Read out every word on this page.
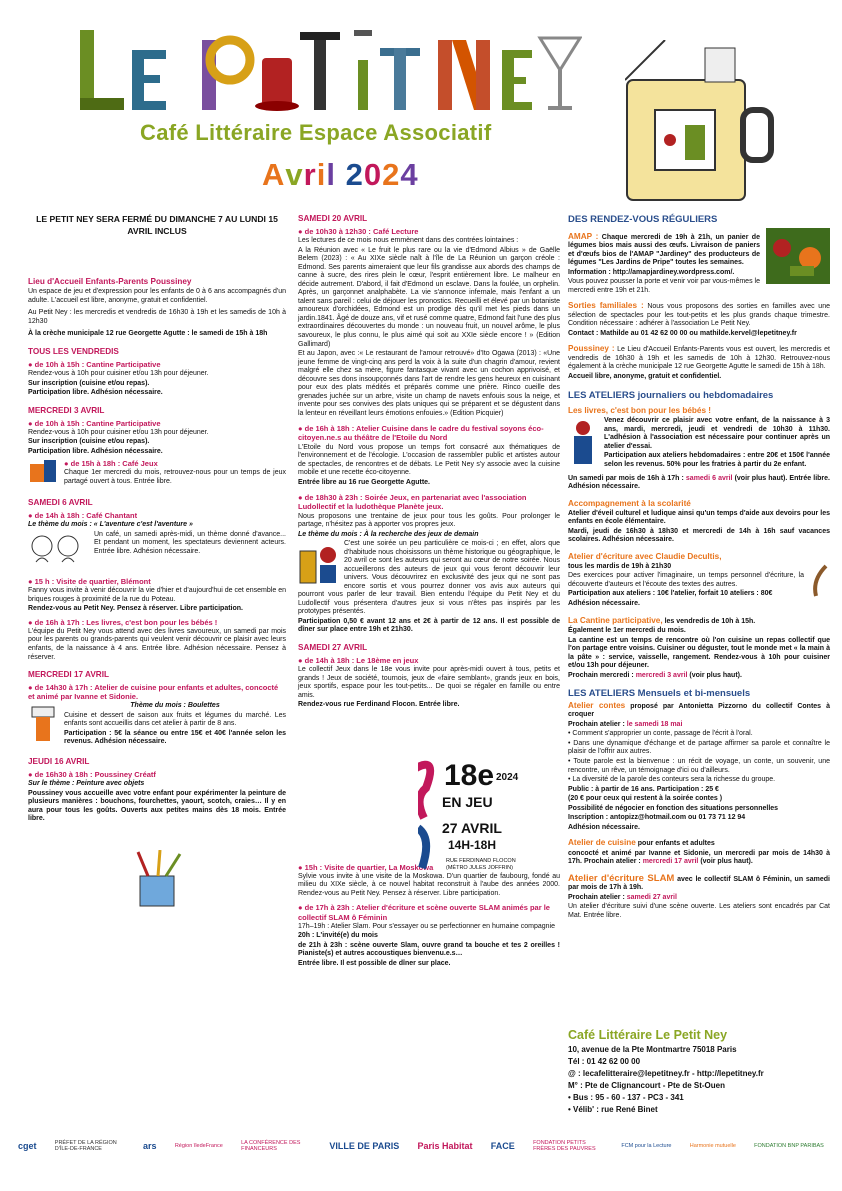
Café Littéraire Espace Associatif
Avril 2024
LE PETIT NEY SERA FERMÉ DU DIMANCHE 7 AU LUNDI 15 AVRIL INCLUS
Lieu d'Accueil Enfants-Parents Poussiney

Un espace de jeu et d'expression pour les enfants de 0 à 6 ans accompagnés d'un adulte. L'accueil est libre, anonyme, gratuit et confidentiel.

Au Petit Ney : les mercredis et vendredis de 16h30 à 19h et les samedis de 10h à 12h30

À la crèche municipale 12 rue Georgette Agutte : le samedi de 15h à 18h

TOUS LES VENDREDIS
● de 10h à 15h : Cantine Participative

Rendez-vous à 10h pour cuisiner et/ou 13h pour déjeuner.

Sur inscription (cuisine et/ou repas).

Participation libre. Adhésion nécessaire.

MERCREDI 3 AVRIL
● de 10h à 15h : Cantine Participative

Rendez-vous à 10h pour cuisiner et/ou 13h pour déjeuner.

Sur inscription (cuisine et/ou repas).

Participation libre. Adhésion nécessaire.

● de 15h à 18h : Café Jeux

Chaque 1er mercredi du mois, retrouvez-nous pour un temps de jeux partagé ouvert à tous. Entrée libre.

SAMEDI 6 AVRIL
● de 14h à 18h : Café Chantant

Le thème du mois : « L'aventure c'est l'aventure »

Un café, un samedi après-midi, un thème donné d'avance... Et pendant un moment, les spectateurs deviennent acteurs. Entrée libre. Adhésion nécessaire.

● 15 h : Visite de quartier, Blémont

Fanny vous invite à venir découvrir la vie d'hier et d'aujourd'hui de cet ensemble en briques rouges à proximité de la rue du Poteau.

Rendez-vous au Petit Ney. Pensez à réserver. Libre participation.

● de 16h à 17h : Les livres, c'est bon pour les bébés !

L'équipe du Petit Ney vous attend avec des livres savoureux, un samedi par mois pour les parents ou grands-parents qui veulent venir découvrir ce plaisir avec leurs enfants, de la naissance à 4 ans. Entrée libre. Adhésion nécessaire. Pensez à réserver.

MERCREDI 17 AVRIL
● de 14h30 à 17h : Atelier de cuisine pour enfants et adultes, concocté et animé par Ivanne et Sidonie.

Thème du mois : Boulettes

Cuisine et dessert de saison aux fruits et légumes du marché. Les enfants sont accueillis dans cet atelier à partir de 8 ans.

Participation : 5€ la séance ou entre 15€ et 40€ l'année selon les revenus. Adhésion nécessaire.

JEUDI 16 AVRIL
● de 16h30 à 18h : Poussiney Créatf

Sur le thème : Peinture avec objets

Poussiney vous accueille avec votre enfant pour expérimenter la peinture de plusieurs manières : bouchons, fourchettes, yaourt, scotch, craies… Il y en aura pour tous les goûts. Ouverts aux petites mains dès 18 mois. Entrée libre.

SAMEDI 20 AVRIL
● de 10h30 à 12h30 : Café Lecture

Les lectures de ce mois nous emmènent dans des contrées lointaines :

A la Réunion avec « Le fruit le plus rare ou la vie d'Edmond Albius » de Gaëlle Belem (2023) : « Au XIXe siècle naît à l'île de La Réunion un garçon créole : Edmond. Ses parents aimeraient que leur fils grandisse aux abords des champs de canne à sucre, des rires plein le cœur, l'esprit entièrement libre. Le malheur en décide autrement. D'abord, il fait d'Edmond un esclave. Dans la foulée, un orphelin. Après, un garçonnet analphabète. La vie s'annonce infernale, mais l'enfant a un talent sans pareil : celui de déjouer les pronostics. Recueilli et élevé par un botaniste amoureux d'orchidées, Edmond est un prodige dès qu'il met les pieds dans un jardin.1841. Âgé de douze ans, vif et rusé comme quatre, Edmond fait l'une des plus extraordinaires découvertes du monde : un nouveau fruit, un nouvel arôme, le plus savoureux, le plus connu, le plus aimé qui soit au XXIe siècle encore ! » (Edition Gallimard)

Et au Japon, avec :« Le restaurant de l'amour retrouvé» d'Ito Ogawa (2013) : «Une jeune femme de vingt-cinq ans perd la voix à la suite d'un chagrin d'amour, revient malgré elle chez sa mère, figure fantasque vivant avec un cochon apprivoisé, et découvre ses dons insoupçonnés dans l'art de rendre les gens heureux en cuisinant pour eux des plats médités et préparés comme une prière. Rinco cueille des grenades juchée sur un arbre, visite un champ de navets enfouis sous la neige, et invente pour ses convives des plats uniques qui se préparent et se dégustent dans la lenteur en réveillant leurs émotions enfouies.» (Edition Picquier)

● de 16h à 18h : Atelier Cuisine dans le cadre du festival soyons éco-citoyen.ne.s au théâtre de l'Etoile du Nord

L'Etoile du Nord vous propose un temps fort consacré aux thématiques de l'environnement et de l'écologie. L'occasion de rassembler public et artistes autour de spectacles, de rencontres et de débats. Le Petit Ney s'y associe avec la cuisine mobile et une recette éco-citoyenne.

Entrée libre au 16 rue Georgette Agutte.

● de 18h30 à 23h : Soirée Jeux, en partenariat avec l'association Ludollectif et la ludothèque Planète jeux.

Nous proposons une trentaine de jeux pour tous les goûts. Pour prolonger le partage, n'hésitez pas à apporter vos propres jeux.

Le thème du mois : À la recherche des jeux de demain

C'est une soirée un peu particulière ce mois-ci ; en effet, alors que d'habitude nous choisissons un thème historique ou géographique, le 20 avril ce sont les auteurs qui seront au cœur de notre soirée. Nous accueillerons des auteurs de jeux qui vous feront découvrir leur univers. Vous découvrirez en exclusivité des jeux qui ne sont pas encore sortis et vous pourrez donner vos avis aux auteurs qui pourront vous parler de leur travail. Bien entendu l'équipe du Petit Ney et du Ludollectif vous présentera d'autres jeux si vous n'êtes pas inspirés par les prototypes présentés.

Participation 0,50 € avant 12 ans et 2€ à partir de 12 ans. Il est possible de dîner sur place entre 19h et 21h30.

SAMEDI 27 AVRIL
● de 14h à 18h : Le 18ème en jeux

Le collectif Jeux dans le 18e vous invite pour après-midi ouvert à tous, petits et grands ! Jeux de société, tournois, jeux de «faire semblant», grands jeux en bois, jeux sportifs, espace pour les tout-petits... De quoi se régaler en famille ou entre amis.

Rendez-vous rue Ferdinand Flocon. Entrée libre.

● 15h : Visite de quartier, La Moskowa

Sylvie vous invite à une visite de la Moskowa. D'un quartier de faubourg, fondé au milieu du XIXe siècle, à ce nouvel habitat reconstruit à l'aube des années 2000. Rendez-vous au Petit Ney. Pensez à réserver. Libre participation.

● de 17h à 23h : Atelier d'écriture et scène ouverte SLAM animés par le collectif SLAM ô Féminin

17h–19h : Atelier Slam. Pour s'essayer ou se perfectionner en humaine compagnie

20h : L'invité(e) du mois

de 21h à 23h : scène ouverte Slam, ouvre grand ta bouche et tes 2 oreilles ! Pianiste(s) et autres accoustiques bienvenu.e.s…

Entrée libre. Il est possible de dîner sur place.

18e 2024
EN JEU
27 AVRIL
14H-18H
RUE FERDINAND FLOCON
(MÉTRO JULES JOFFRIN)
DES RENDEZ-VOUS RÉGULIERS

AMAP : Chaque mercredi de 19h à 21h, un panier de légumes bios mais aussi des œufs. Livraison de paniers et d'œufs bios de l'AMAP "Jardiney" des producteurs de légumes "Les Jardins de Pripe" toutes les semaines.

Information : http://amapjardiney.wordpress.com/.

Vous pouvez pousser la porte et venir voir par vous-mêmes le mercredi entre 19h et 21h.

Sorties familiales : Nous vous proposons des sorties en familles avec une sélection de spectacles pour les tout-petits et les plus grands chaque trimestre. Condition nécessaire : adhérer à l'association Le Petit Ney.

Contact : Mathilde au 01 42 62 00 00 ou mathilde.kervel@lepetitney.fr

Poussiney : Le Lieu d'Accueil Enfants-Parents vous est ouvert, les mercredis et vendredis de 16h30 à 19h et les samedis de 10h à 12h30. Retrouvez-nous également à la crèche municipale 12 rue Georgette Agutte le samedi de 15h à 18h.

Accueil libre, anonyme, gratuit et confidentiel.

LES ATELIERS journaliers ou hebdomadaires
Les livres, c'est bon pour les bébés !

Venez découvrir ce plaisir avec votre enfant, de la naissance à 3 ans, mardi, mercredi, jeudi et vendredi de 10h30 à 11h30. L'adhésion à l'association est nécessaire pour continuer après un atelier d'essai.

Participation aux ateliers hebdomadaires : entre 20€ et 150€ l'année selon les revenus. 50% pour les fratries à partir du 2e enfant.

Un samedi par mois de 16h à 17h : samedi 6 avril (voir plus haut). Entrée libre. Adhésion nécessaire.

Accompagnement à la scolarité

Atelier d'éveil culturel et ludique ainsi qu'un temps d'aide aux devoirs pour les enfants en école élémentaire.

Mardi, jeudi de 16h30 à 18h30 et mercredi de 14h à 16h sauf vacances scolaires. Adhésion nécessaire.

Atelier d'écriture avec Claudie Decultis,

tous les mardis de 19h à 21h30

Des exercices pour activer l'imaginaire, un temps personnel d'écriture, la découverte d'auteurs et l'écoute des textes des autres.

Participation aux ateliers : 10€ l'atelier, forfait 10 ateliers : 80€

Adhésion nécessaire.

La Cantine participative, les vendredis de 10h à 15h.

Également le 1er mercredi du mois.

La cantine est un temps de rencontre où l'on cuisine un repas collectif que l'on partage entre voisins. Cuisiner ou déguster, tout le monde met « la main à la pâte » : service, vaisselle, rangement. Rendez-vous à 10h pour cuisiner et/ou 13h pour déjeuner.

Prochain mercredi : mercredi 3 avril (voir plus haut).

LES ATELIERS Mensuels et bi-mensuels

Atelier contes proposé par Antonietta Pizzorno du collectif Contes à croquer

Prochain atelier : le samedi 18 mai

• Comment s'approprier un conte, passage de l'écrit à l'oral.

• Dans une dynamique d'échange et de partage affirmer sa parole et connaître le plaisir de l'offrir aux autres.

• Toute parole est la bienvenue : un récit de voyage, un conte, un souvenir, une rencontre, un rêve, un témoignage d'ici ou d'ailleurs.

• La diversité de la parole des conteurs sera la richesse du groupe.

Public : à partir de 16 ans. Participation : 25 €

(20 € pour ceux qui restent à la soirée contes )

Possibilité de négocier en fonction des situations personnelles

Inscription : antopizz@hotmail.com ou 01 73 71 12 94

Adhésion nécessaire.

Atelier de cuisine pour enfants et adultes

concocté et animé par Ivanne et Sidonie, un mercredi par mois de 14h30 à 17h. Prochain atelier : mercredi 17 avril (voir plus haut).

Atelier d'écriture SLAM avec le collectif SLAM ô Féminin, un samedi par mois de 17h à 19h.

Prochain atelier : samedi 27 avril

Un atelier d'écriture suivi d'une scène ouverte. Les ateliers sont encadrés par Cat Mat. Entrée libre.

Café Littéraire Le Petit Ney

10, avenue de la Pte Montmartre 75018 Paris

Tél : 01 42 62 00 00

@ : lecafelitteraire@lepetitney.fr - http://lepetitney.fr

M° : Pte de Clignancourt - Pte de St-Ouen

• Bus : 95 - 60 - 137 - PC3 - 341

• Vélib' : rue René Binet

cget	PRÉFET DE LA RÉGION D'ÎLE-DE-FRANCE	ars	Région îledeFrance
LA CONFÉRENCE DES FINANCEURS	VILLE DE PARIS Paris Habitat FACE	FONDATION PETITS FRÈRES DES PAUVRES
FCM pour la Lecture	Harmonie mutuelle	FONDATION BNP PARIBAS
